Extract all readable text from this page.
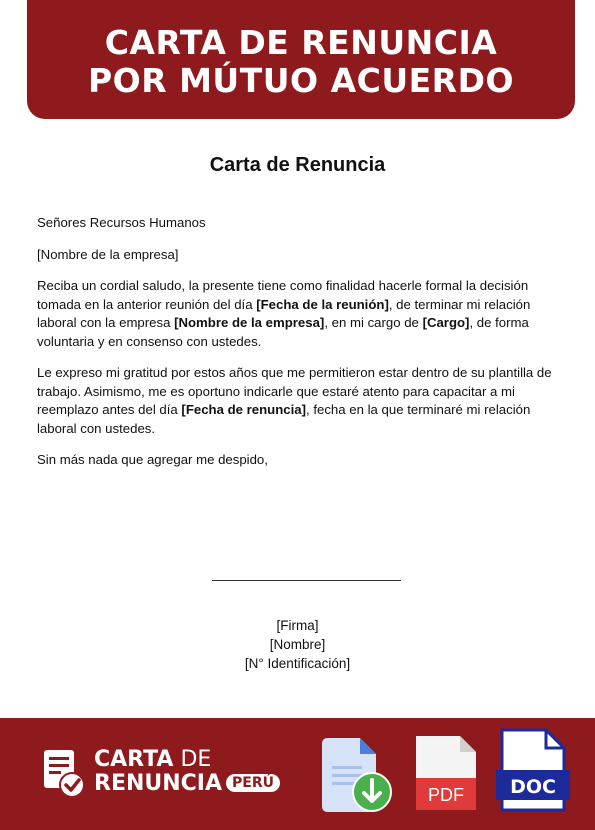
CARTA DE RENUNCIA
POR MÚTUO ACUERDO
Carta de Renuncia

Señores Recursos Humanos

[Nombre de la empresa]

Reciba un cordial saludo, la presente tiene como finalidad hacerle formal la decisión tomada en la anterior reunión del día [Fecha de la reunión], de terminar mi relación laboral con la empresa [Nombre de la empresa], en mi cargo de [Cargo], de forma voluntaria y en consenso con ustedes.

Le expreso mi gratitud por estos años que me permitieron estar dentro de su plantilla de trabajo. Asimismo, me es oportuno indicarle que estaré atento para capacitar a mi reemplazo antes del día [Fecha de renuncia], fecha en la que terminaré mi relación laboral con ustedes.

Sin más nada que agregar me despido,

[Firma]
[Nombre]
[N° Identificación]
CARTA DE
RENUNCIA PERÚ
PDF DOC
